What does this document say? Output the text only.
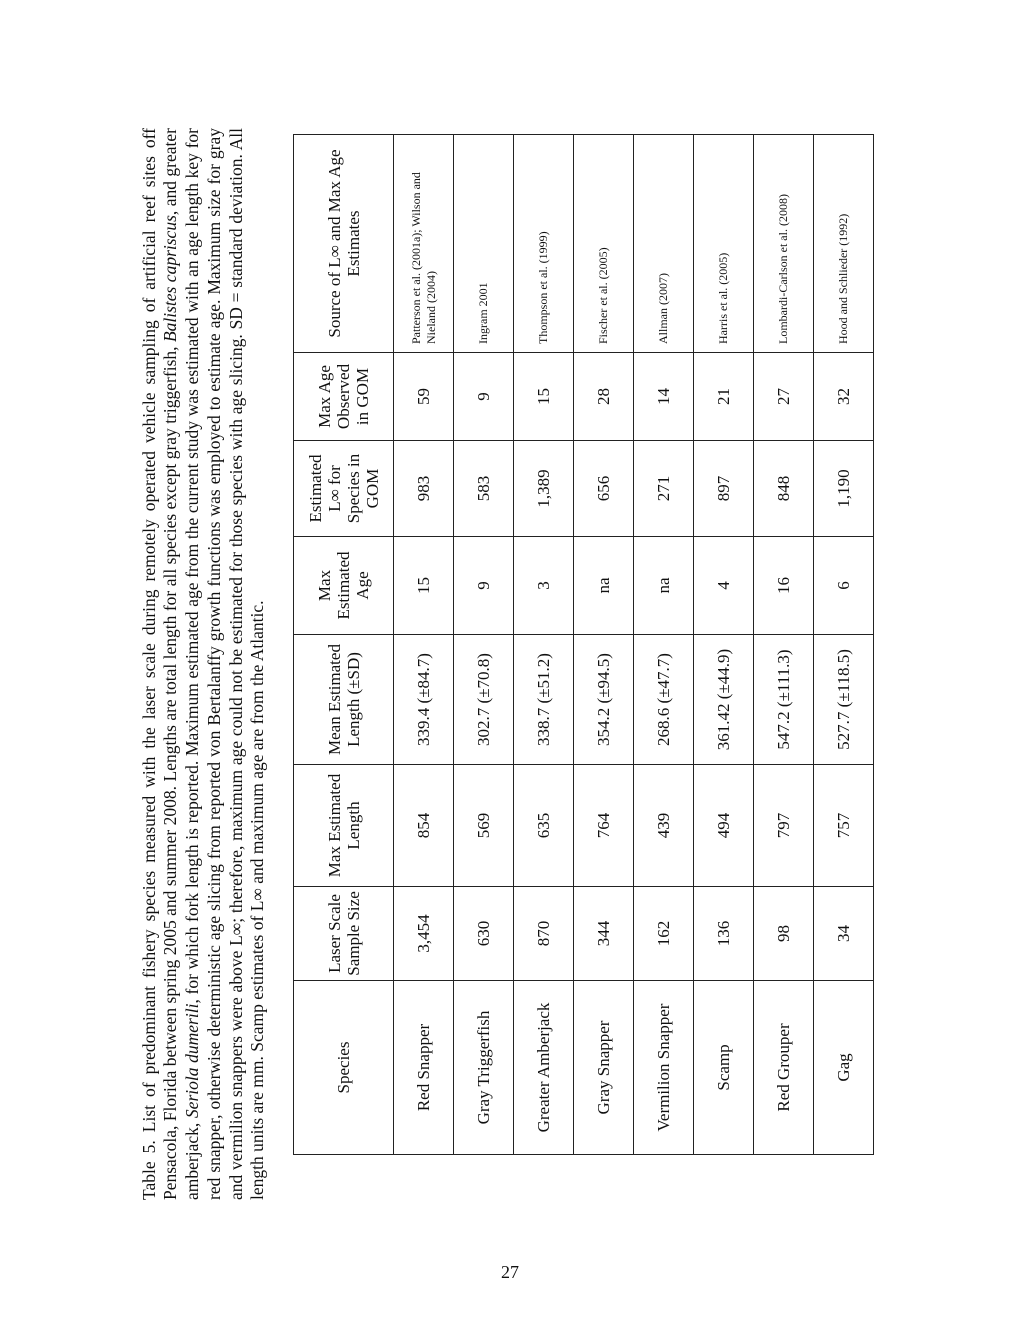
Table 5. List of predominant fishery species measured with the laser scale during remotely operated vehicle sampling of artificial reef sites off Pensacola, Florida between spring 2005 and summer 2008. Lengths are total length for all species except gray triggerfish, Balistes capriscus, and greater amberjack, Seriola dumerili, for which fork length is reported. Maximum estimated age from the current study was estimated with an age length key for red snapper, otherwise deterministic age slicing from reported von Bertalanffy growth functions was employed to estimate age. Maximum size for gray and vermilion snappers were above L∞; therefore, maximum age could not be estimated for those species with age slicing. SD = standard deviation. All length units are mm. Scamp estimates of L∞ and maximum age are from the Atlantic.	Species	Laser Scale Sample Size	Max Estimated Length	Mean Estimated Length (±SD)	Max Estimated Age	Estimated L∞ for Species in GOM	Max Age Observed in GOM	Source of L∞ and Max Age Estimates
Red Snapper	3,454	854	339.4 (±84.7)	15	983	59	Patterson et al. (2001a); Wilson and Nieland (2004)
Gray Triggerfish	630	569	302.7 (±70.8)	9	583	9	Ingram 2001
Greater Amberjack	870	635	338.7 (±51.2)	3	1,389	15	Thompson et al. (1999)
Gray Snapper	344	764	354.2 (±94.5)	na	656	28	Fischer et al. (2005)
Vermilion Snapper	162	439	268.6 (±47.7)	na	271	14	Allman (2007)
Scamp	136	494	361.42 (±44.9)	4	897	21	Harris et al. (2005)
Red Grouper	98	797	547.2 (±111.3)	16	848	27	Lombardi-Carlson et al. (2008)
Gag	34	757	527.7 (±118.5)	6	1,190	32	Hood and Schlieder (1992)
27
